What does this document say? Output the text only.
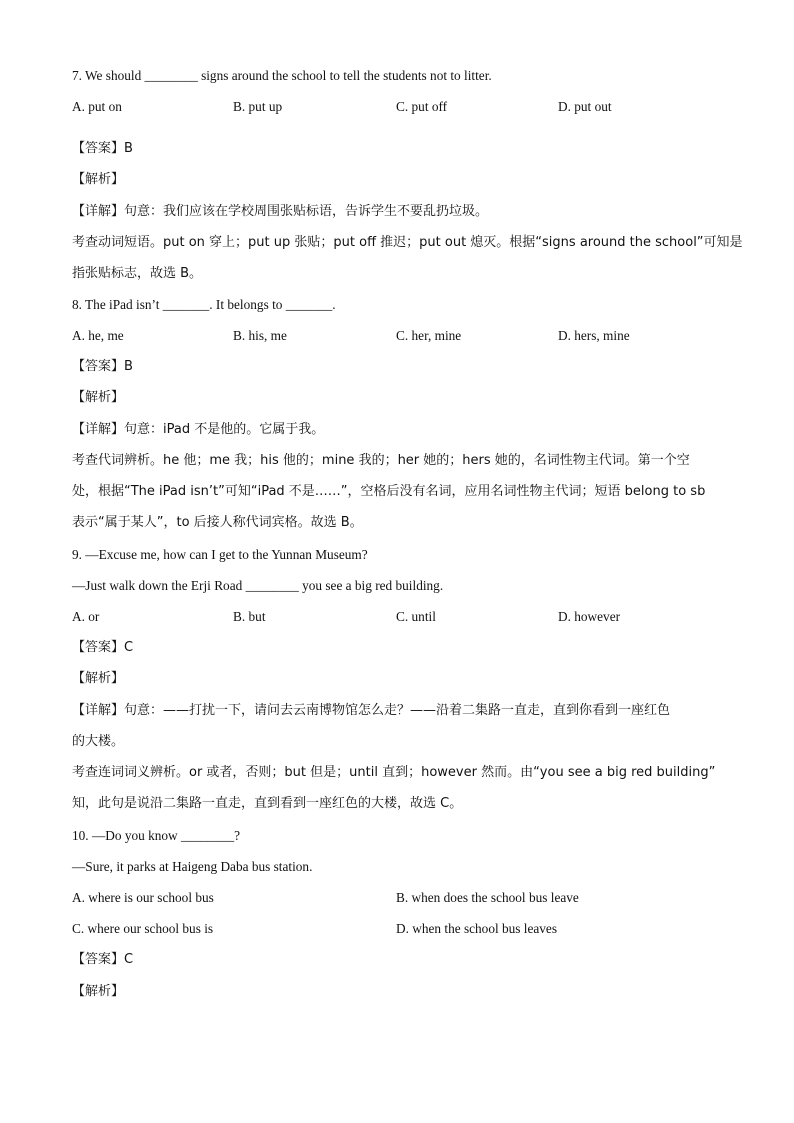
7. We should ________ signs around the school to tell the students not to litter.
A. put on	B. put up	C. put off	D. put out
【答案】B
【解析】
【详解】句意：我们应该在学校周围张贴标语，告诉学生不要乱扔垃圾。
考查动词短语。put on 穿上；put up 张贴；put off 推迟；put out 熄灭。根据“signs around the school”可知是
指张贴标志，故选 B。
8. The iPad isn’t _______. It belongs to _______.
A. he, me	B. his, me	C. her, mine	D. hers, mine
【答案】B
【解析】
【详解】句意：iPad 不是他的。它属于我。
考查代词辨析。he 他；me 我；his 他的；mine 我的；her 她的；hers 她的，名词性物主代词。第一个空
处，根据“The iPad isn’t”可知“iPad 不是……”，空格后没有名词，应用名词性物主代词；短语 belong to sb
表示“属于某人”，to 后接人称代词宾格。故选 B。
9. —Excuse me, how can I get to the Yunnan Museum?
—Just walk down the Erji Road ________ you see a big red building.
A. or	B. but	C. until	D. however
【答案】C
【解析】
【详解】句意：——打扰一下，请问去云南博物馆怎么走？——沿着二集路一直走，直到你看到一座红色
的大楼。
考查连词词义辨析。or 或者，否则；but 但是；until 直到；however 然而。由“you see a big red building”
知，此句是说沿二集路一直走，直到看到一座红色的大楼，故选 C。
10. —Do you know ________?
—Sure, it parks at Haigeng Daba bus station.
A. where is our school bus	B. when does the school bus leave
C. where our school bus is	D. when the school bus leaves
【答案】C
【解析】
